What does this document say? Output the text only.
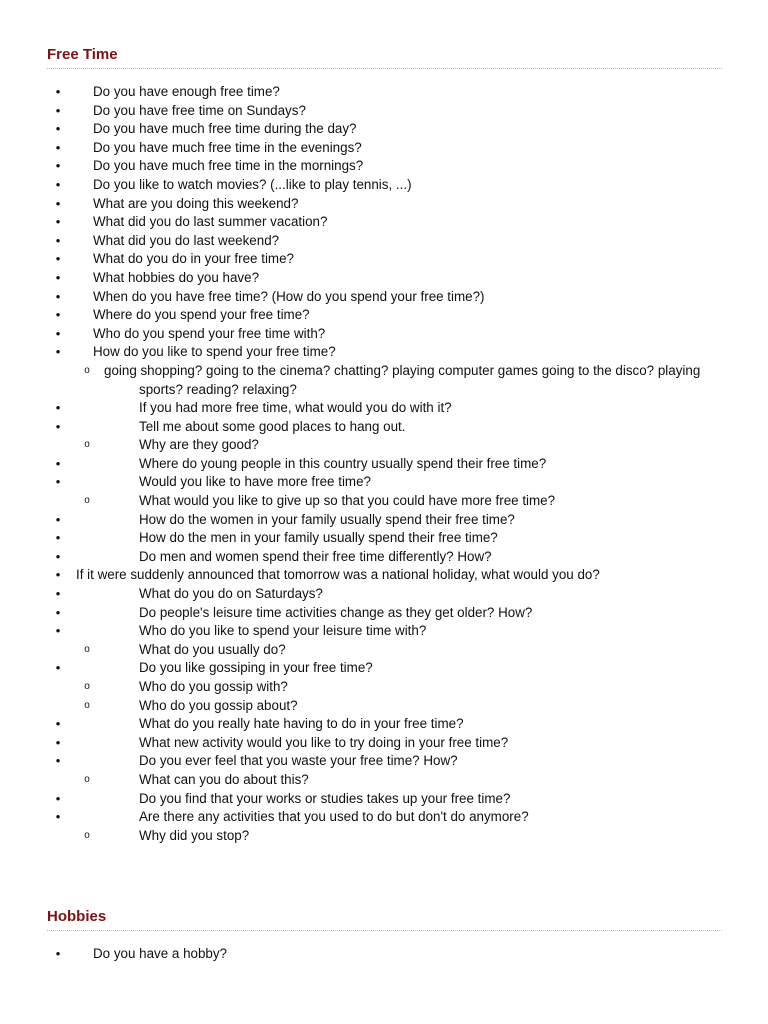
Free Time
• Do you have enough free time?
• Do you have free time on Sundays?
• Do you have much free time during the day?
• Do you have much free time in the evenings?
• Do you have much free time in the mornings?
• Do you like to watch movies? (...like to play tennis, ...)
• What are you doing this weekend?
• What did you do last summer vacation?
• What did you do last weekend?
• What do you do in your free time?
• What hobbies do you have?
• When do you have free time? (How do you spend your free time?)
• Where do you spend your free time?
• Who do you spend your free time with?
• How do you like to spend your free time?
o going shopping? going to the cinema? chatting? playing computer games going to the disco? playing sports? reading? relaxing?
•	If you had more free time, what would you do with it?
•	Tell me about some good places to hang out.
o	Why are they good?
•	Where do young people in this country usually spend their free time?
•	Would you like to have more free time?
o	What would you like to give up so that you could have more free time?
•	How do the women in your family usually spend their free time?
•	How do the men in your family usually spend their free time?
•	Do men and women spend their free time differently? How?
• If it were suddenly announced that tomorrow was a national holiday, what would you do?
•	What do you do on Saturdays?
•	Do people's leisure time activities change as they get older? How?
•	Who do you like to spend your leisure time with?
o	What do you usually do?
•	Do you like gossiping in your free time?
o	Who do you gossip with?
o	Who do you gossip about?
•	What do you really hate having to do in your free time?
•	What new activity would you like to try doing in your free time?
•	Do you ever feel that you waste your free time? How?
o	What can you do about this?
•	Do you find that your works or studies takes up your free time?
•	Are there any activities that you used to do but don't do anymore?
o	Why did you stop?
Hobbies
• Do you have a hobby?
